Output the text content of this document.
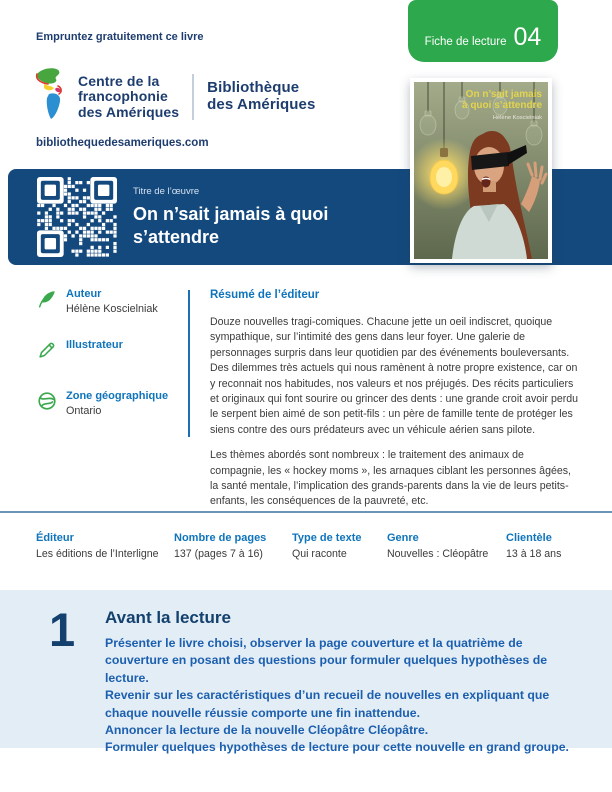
Empruntez gratuitement ce livre	Fiche de lecture 04
Centre de la
francophonie
des Amériques
Bibliothèque
des Amériques
bibliothequedesameriques.com
Titre de l’œuvre
On n’sait jamais à quoi s’attendre
On n’sait jamais
à quoi s’attendre
Hélène Koscielniak
Auteur
Hélène Koscielniak
Illustrateur
Zone géographique
Ontario
Résumé de l’éditeur

Douze nouvelles tragi-comiques. Chacune jette un oeil indiscret, quoique sympathique, sur l’intimité des gens dans leur foyer. Une galerie de personnages surpris dans leur quotidien par des événements bouleversants. Des dilemmes très actuels qui nous ramènent à notre propre existence, car on y reconnait nos habitudes, nos valeurs et nos préjugés. Des récits particuliers et originaux qui font sourire ou grincer des dents : une grande croit avoir perdu le serpent bien aimé de son petit-fils : un père de famille tente de protéger les siens contre des ours prédateurs avec un véhicule aérien sans pilote.

Les thèmes abordés sont nombreux : le traitement des animaux de compagnie, les « hockey moms », les arnaques ciblant les personnes âgées, la santé mentale, l’implication des grands-parents dans la vie de leurs petits-enfants, les conséquences de la pauvreté, etc.

Éditeur
Les éditions de l’Interligne
Nombre de pages
137 (pages 7 à 16)
Type de texte
Qui raconte
Genre
Nouvelles : Cléopâtre
Clientèle
13 à 18 ans
1 Avant la lecture

Présenter le livre choisi, observer la page couverture et la quatrième de couverture en posant des questions pour formuler quelques hypothèses de lecture.

Revenir sur les caractéristiques d’un recueil de nouvelles en expliquant que chaque nouvelle réussie comporte une fin inattendue.

Annoncer la lecture de la nouvelle Cléopâtre Cléopâtre.

Formuler quelques hypothèses de lecture pour cette nouvelle en grand groupe.
